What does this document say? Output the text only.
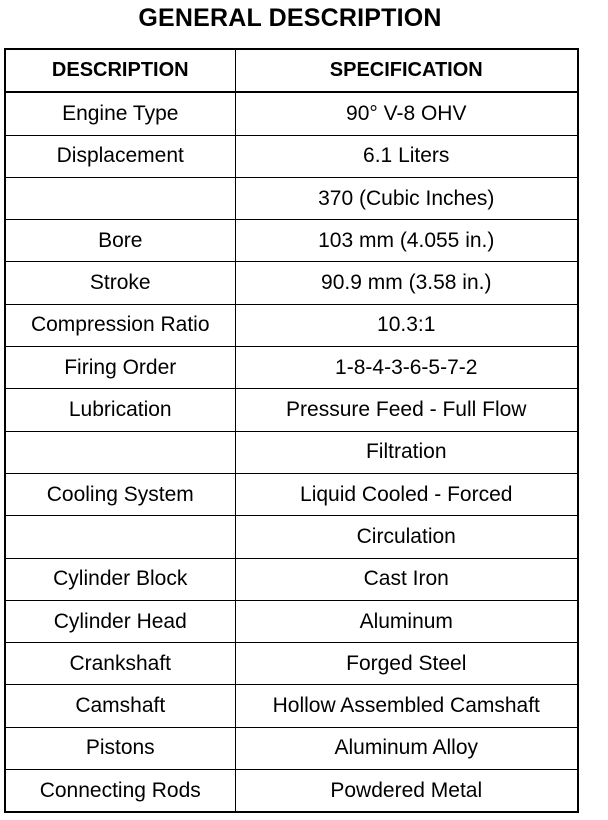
GENERAL DESCRIPTION
DESCRIPTION	SPECIFICATION
Engine Type	90° V-8 OHV
Displacement	6.1 Liters
	370 (Cubic Inches)
Bore	103 mm (4.055 in.)
Stroke	90.9 mm (3.58 in.)
Compression Ratio	10.3:1
Firing Order	1-8-4-3-6-5-7-2
Lubrication	Pressure Feed - Full Flow
	Filtration
Cooling System	Liquid Cooled - Forced
	Circulation
Cylinder Block	Cast Iron
Cylinder Head	Aluminum
Crankshaft	Forged Steel
Camshaft	Hollow Assembled Camshaft
Pistons	Aluminum Alloy
Connecting Rods	Powdered Metal
